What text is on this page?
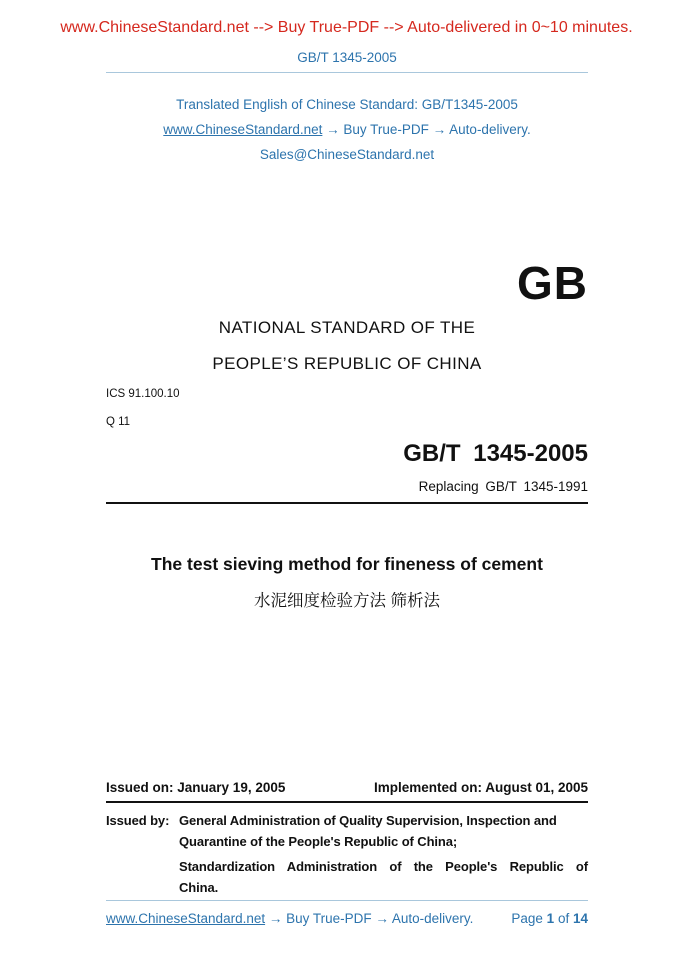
www.ChineseStandard.net --> Buy True-PDF --> Auto-delivered in 0~10 minutes.
GB/T 1345-2005
Translated English of Chinese Standard: GB/T1345-2005
www.ChineseStandard.net → Buy True-PDF → Auto-delivery.
Sales@ChineseStandard.net
GB
NATIONAL STANDARD OF THE
PEOPLE’S REPUBLIC OF CHINA
ICS 91.100.10
Q 11
GB/T 1345-2005
Replacing GB/T 1345-1991
The test sieving method for fineness of cement
水泥细度检验方法 筛析法
Issued on: January 19, 2005	Implemented on: August 01, 2005
Issued by: General Administration of Quality Supervision, Inspection and
Quarantine of the People's Republic of China;

Standardization Administration of the People's Republic of
China.

www.ChineseStandard.net → Buy True-PDF → Auto-delivery.	Page 1 of 14
